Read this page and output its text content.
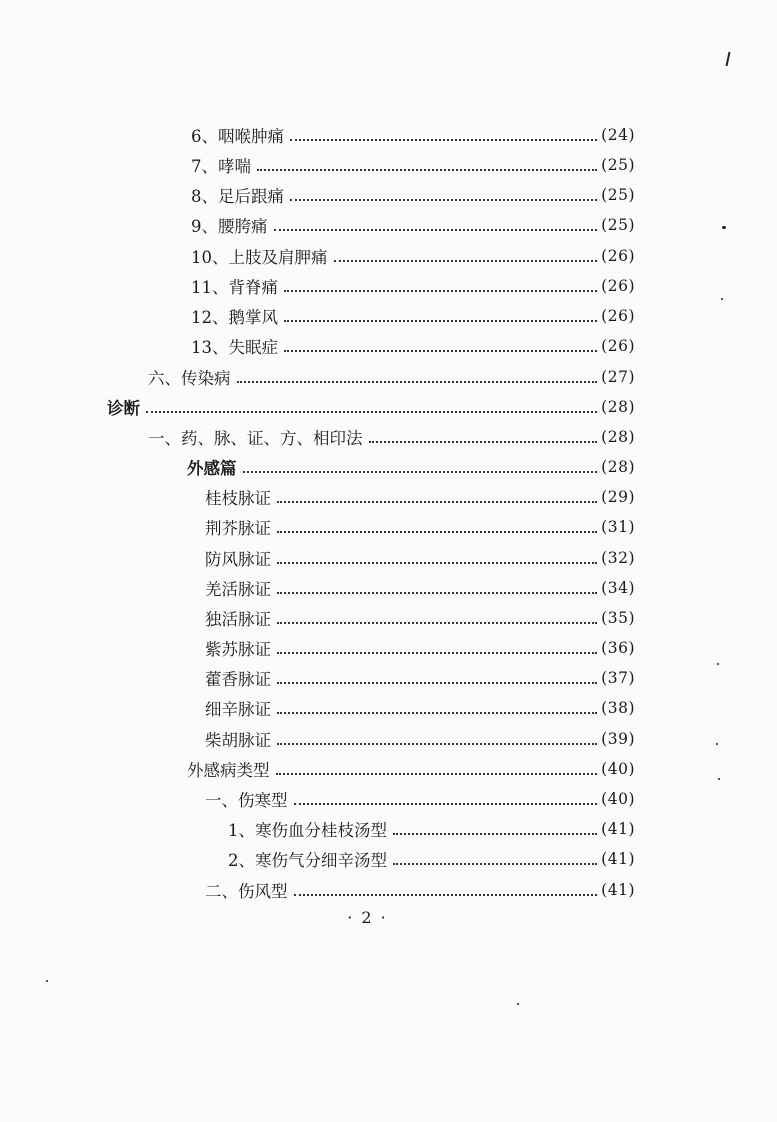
6、咽喉肿痛	(24)
7、哮喘	(25)
8、足后跟痛	(25)
9、腰胯痛	(25)
10、上肢及肩胛痛	(26)
11、背脊痛	(26)
12、鹅掌风	(26)
13、失眠症	(26)
六、传染病	(27)
诊断	(28)
一、药、脉、证、方、相印法	(28)
外感篇	(28)
桂枝脉证	(29)
荆芥脉证	(31)
防风脉证	(32)
羌活脉证	(34)
独活脉证	(35)
紫苏脉证	(36)
藿香脉证	(37)
细辛脉证	(38)
柴胡脉证	(39)
外感病类型	(40)
一、伤寒型	(40)
1、寒伤血分桂枝汤型	(41)
2、寒伤气分细辛汤型	(41)
二、伤风型	(41)
· 2 ·
